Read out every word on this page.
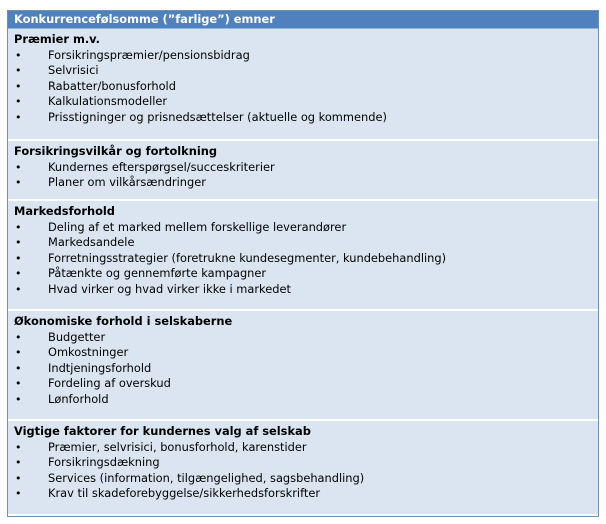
Konkurrencefølsomme (”farlige”) emner
Præmier m.v.
• Forsikringspræmier/pensionsbidrag
• Selvrisici
• Rabatter/bonusforhold
• Kalkulationsmodeller
• Prisstigninger og prisnedsættelser (aktuelle og kommende)
Forsikringsvilkår og fortolkning
• Kundernes efterspørgsel/succeskriterier
• Planer om vilkårsændringer
Markedsforhold
• Deling af et marked mellem forskellige leverandører
• Markedsandele
• Forretningsstrategier (foretrukne kundesegmenter, kundebehandling)
• Påtænkte og gennemførte kampagner
• Hvad virker og hvad virker ikke i markedet
Økonomiske forhold i selskaberne
• Budgetter
• Omkostninger
• Indtjeningsforhold
• Fordeling af overskud
• Lønforhold
Vigtige faktorer for kundernes valg af selskab
• Præmier, selvrisici, bonusforhold, karenstider
• Forsikringsdækning
• Services (information, tilgængelighed, sagsbehandling)
• Krav til skadeforebyggelse/sikkerhedsforskrifter
